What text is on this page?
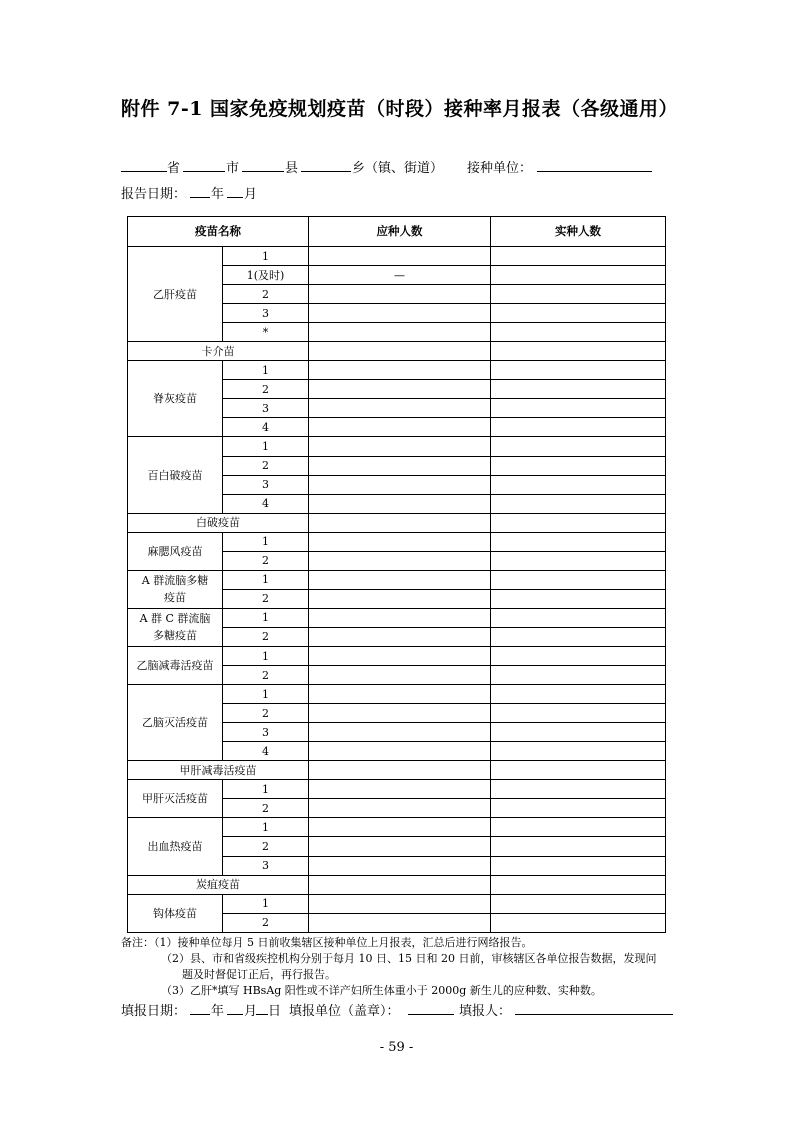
附件 7-1 国家免疫规划疫苗（时段）接种率月报表（各级通用）
省	市	县	乡（镇、街道） 接种单位：
报告日期： 年 月
疫苗名称		应种人数	实种人数
乙肝疫苗	1		
	1(及时)	—	
	2		
	3		
	*		
卡介苗			
脊灰疫苗	1		
	2		
	3		
	4		
百白破疫苗	1		
	2		
	3		
	4		
白破疫苗			
麻腮风疫苗	1		
	2		

A 群流脑多糖
疫苗	1		
	2		

A 群 C 群流脑
多糖疫苗	1		
	2		
乙脑减毒活疫苗	1		
	2		
乙脑灭活疫苗	1		
	2		
	3		
	4		
甲肝减毒活疫苗			
甲肝灭活疫苗	1		
	2		
出血热疫苗	1		
	2		
	3		
炭疽疫苗			
钩体疫苗	1		
	2		
备注：（1）接种单位每月 5 日前收集辖区接种单位上月报表，汇总后进行网络报告。
（2）县、市和省级疾控机构分别于每月 10 日、15 日和 20 日前，审核辖区各单位报告数据，发现问
题及时督促订正后，再行报告。
（3）乙肝*填写 HBsAg 阳性或不详产妇所生体重小于 2000g 新生儿的应种数、实种数。
填报日期： 年 月 日 填报单位（盖章）：	填报人：
- 59 -
